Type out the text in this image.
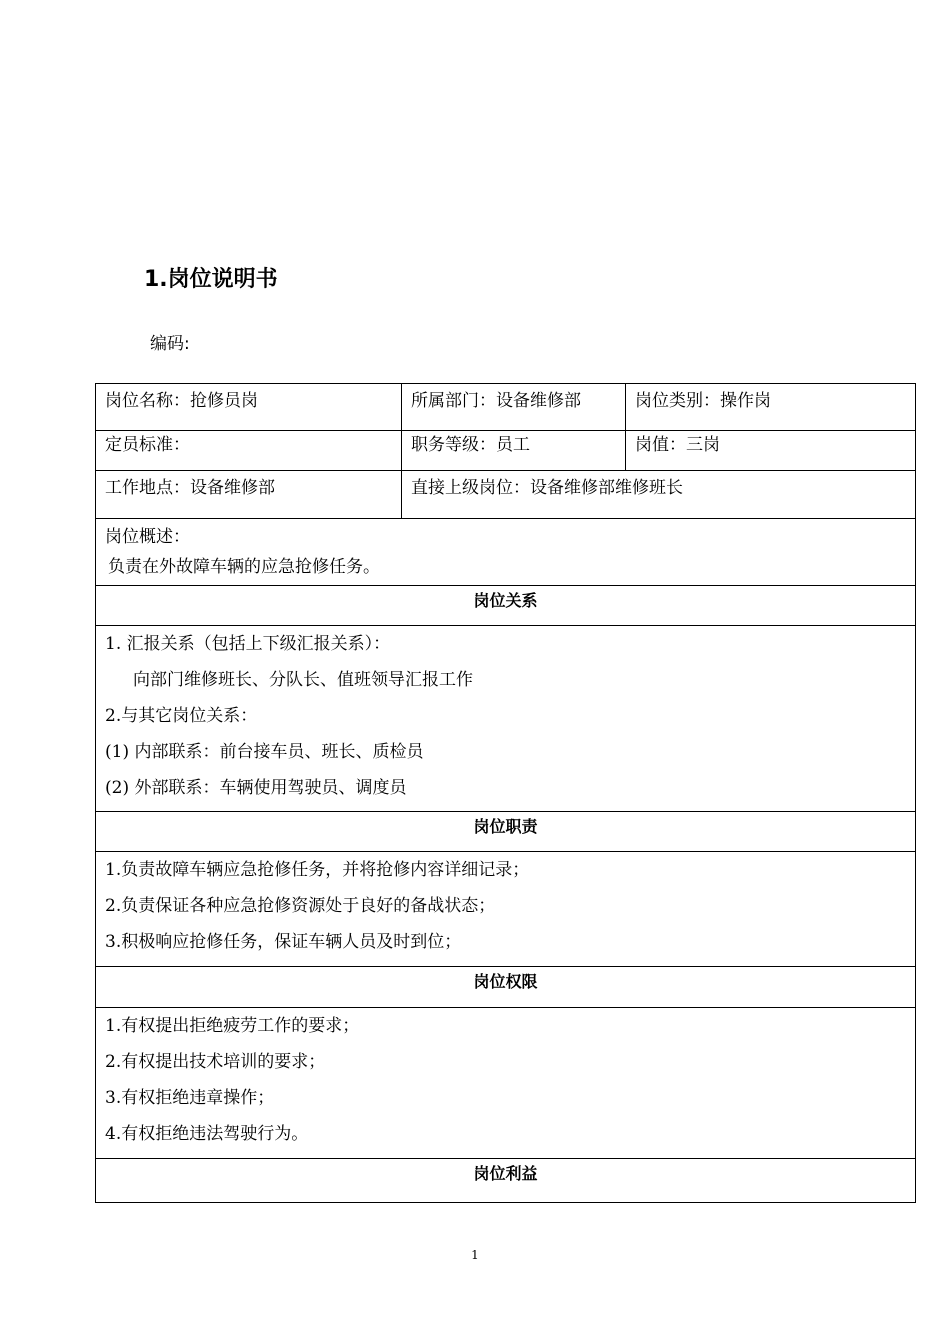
1.岗位说明书
编码:
岗位名称：抢修员岗	所属部门：设备维修部	岗位类别：操作岗
定员标准：	职务等级：员工	岗值：三岗
工作地点：设备维修部	直接上级岗位：设备维修部维修班长	

岗位概述：
负责在外故障车辆的应急抢修任务。		

岗位关系		

1. 汇报关系（包括上下级汇报关系）：
向部门维修班长、分队长、值班领导汇报工作
2.与其它岗位关系：
(1) 内部联系：前台接车员、班长、质检员
(2) 外部联系：车辆使用驾驶员、调度员		

岗位职责		

1.负责故障车辆应急抢修任务，并将抢修内容详细记录；
2.负责保证各种应急抢修资源处于良好的备战状态；
3.积极响应抢修任务，保证车辆人员及时到位；		

岗位权限		

1.有权提出拒绝疲劳工作的要求；
2.有权提出技术培训的要求；
3.有权拒绝违章操作；
4.有权拒绝违法驾驶行为。		

岗位利益		
1
